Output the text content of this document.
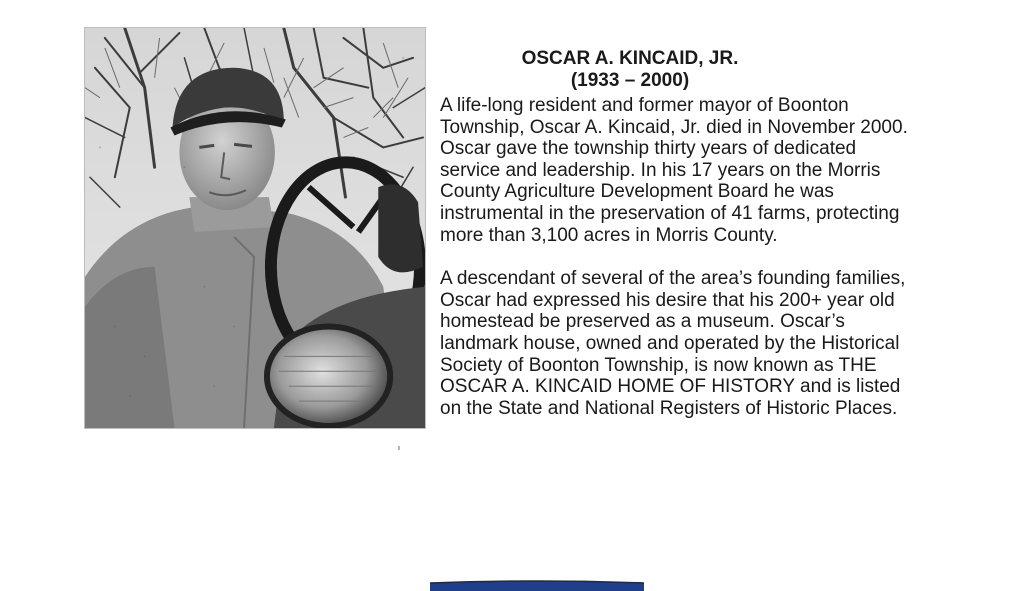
OSCAR A. KINCAID, JR.
(1933 – 2000)

A life-long resident and former mayor of Boonton Township, Oscar A. Kincaid, Jr. died in November 2000. Oscar gave the township thirty years of dedicated service and leadership. In his 17 years on the Morris County Agriculture Development Board he was instrumental in the preservation of 41 farms, protecting more than 3,100 acres in Morris County.

A descendant of several of the area’s founding families, Oscar had expressed his desire that his 200+ year old homestead be preserved as a museum. Oscar’s landmark house, owned and operated by the Historical Society of Boonton Township, is now known as THE OSCAR A. KINCAID HOME OF HISTORY and is listed on the State and National Registers of Historic Places.
